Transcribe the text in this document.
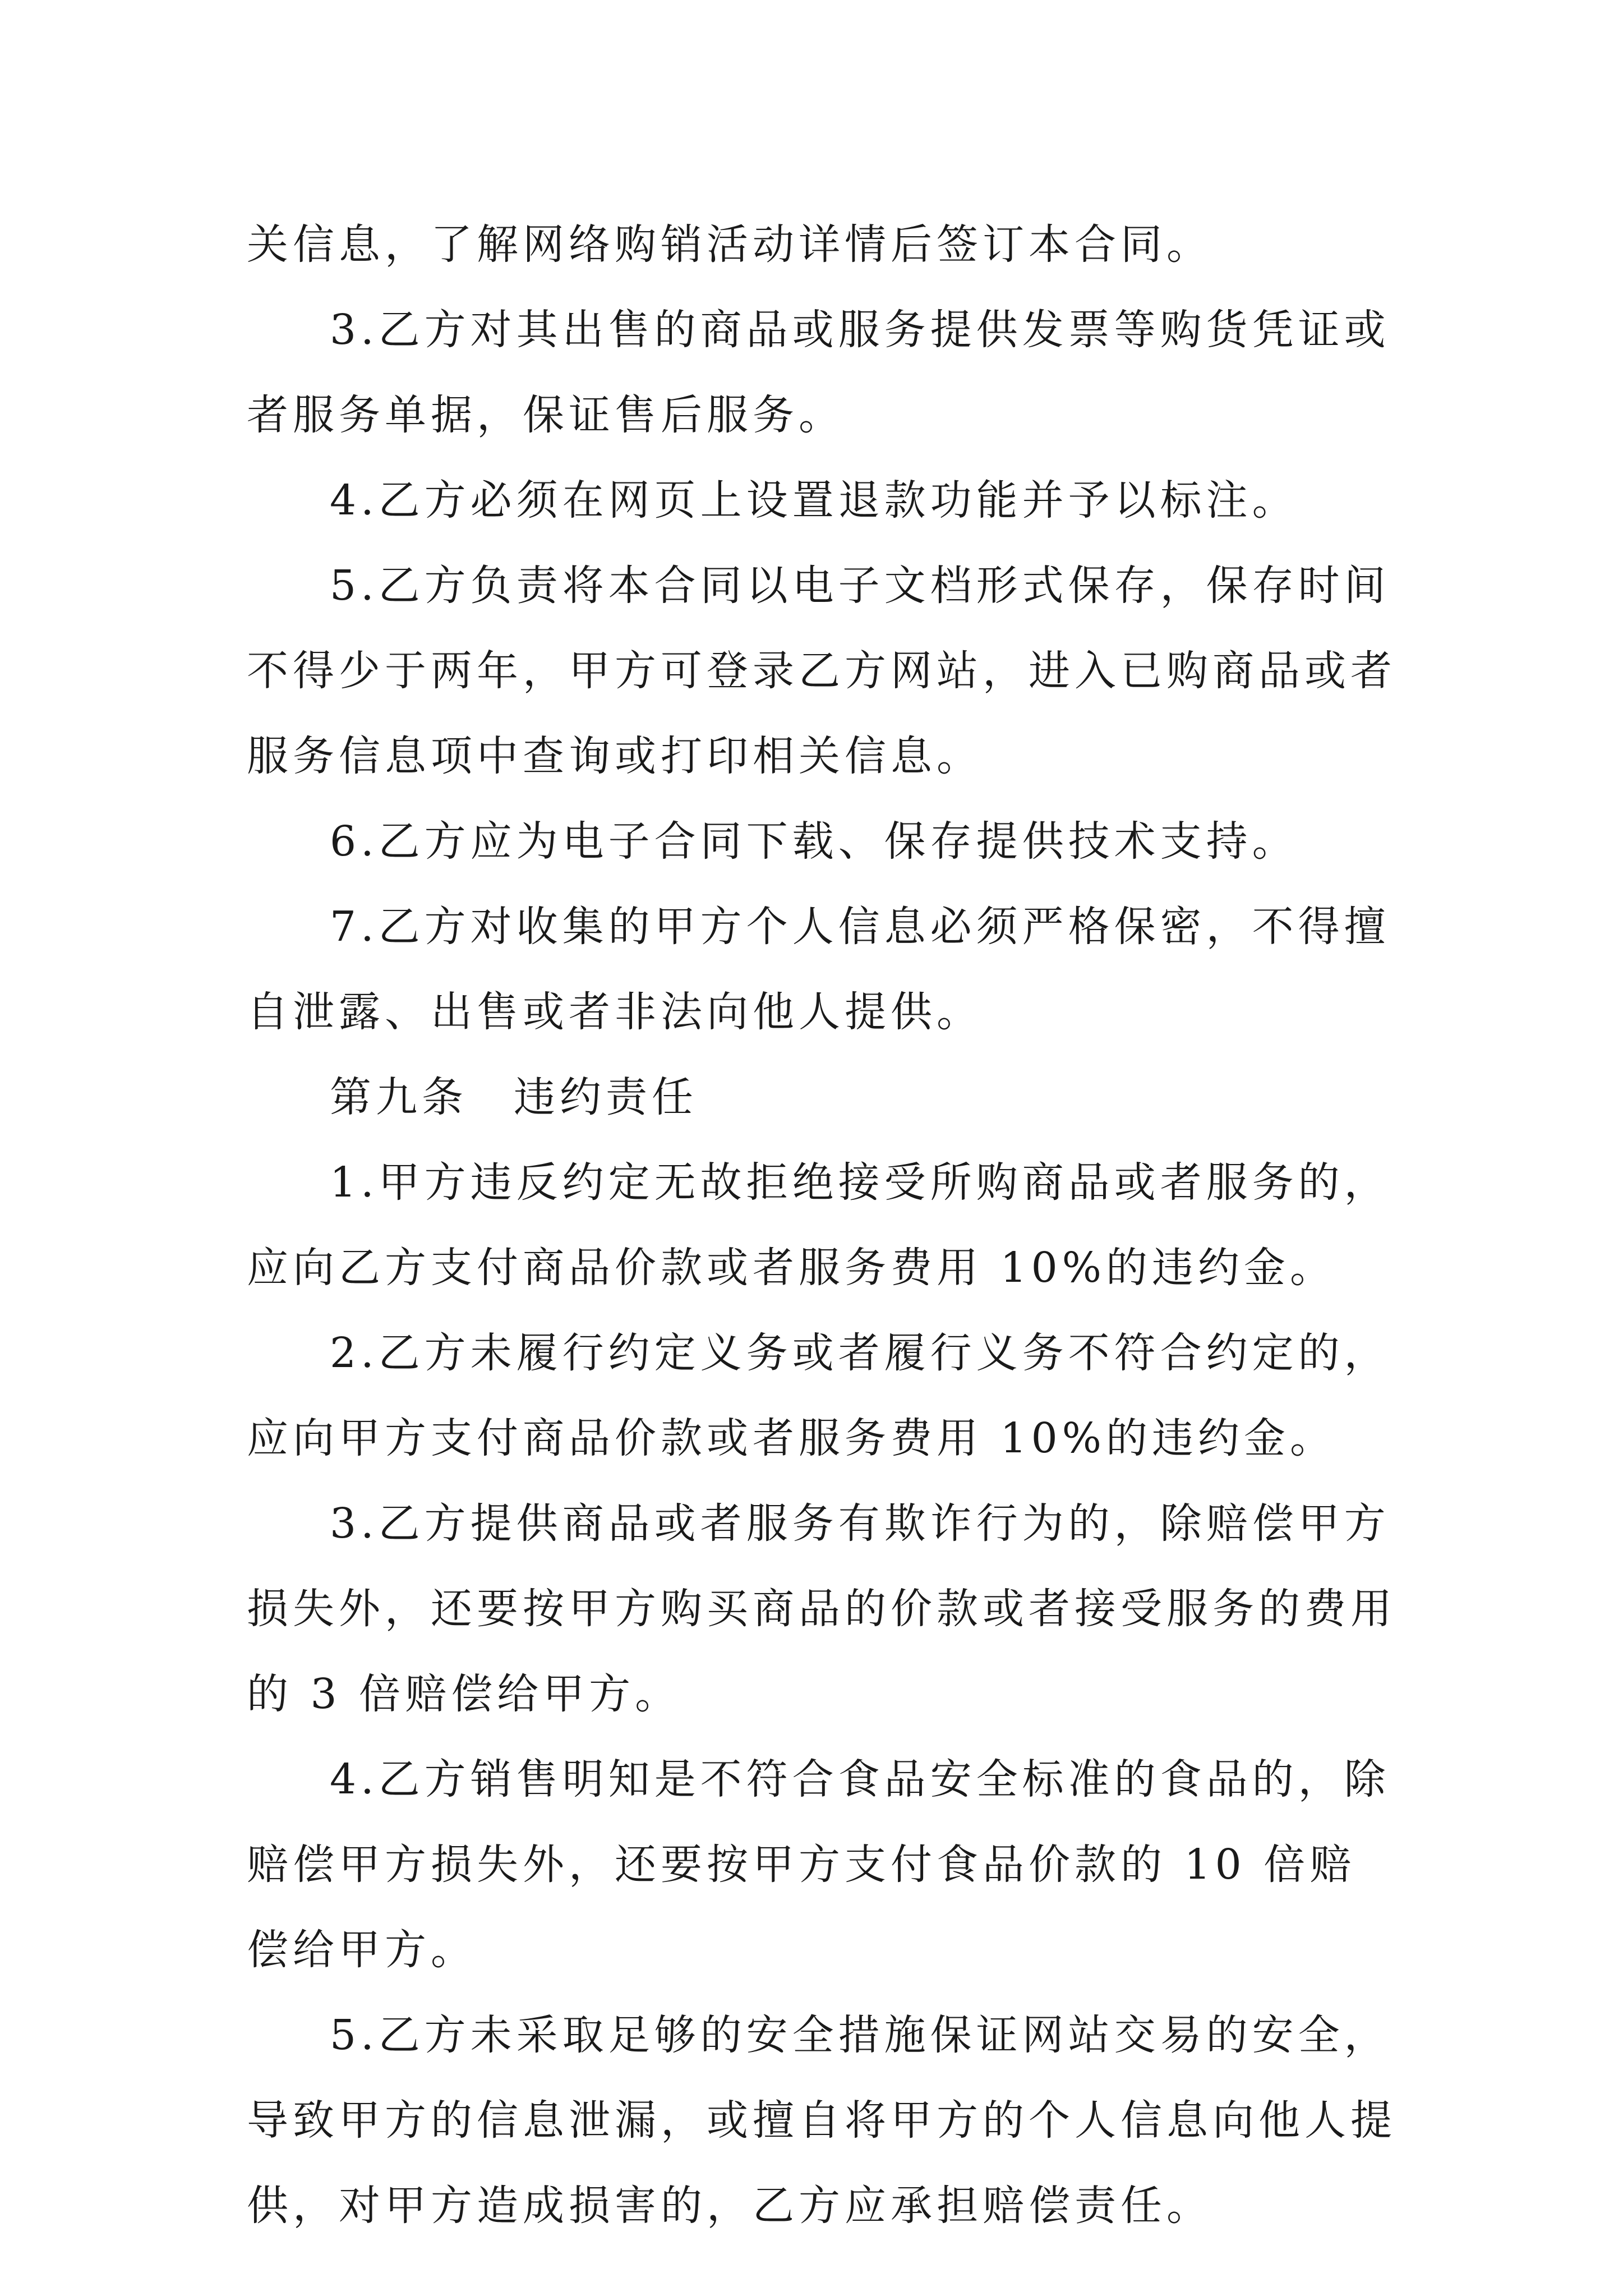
关信息，了解网络购销活动详情后签订本合同。

3.乙方对其出售的商品或服务提供发票等购货凭证或者服务单据，保证售后服务。

4.乙方必须在网页上设置退款功能并予以标注。

5.乙方负责将本合同以电子文档形式保存，保存时间不得少于两年，甲方可登录乙方网站，进入已购商品或者服务信息项中查询或打印相关信息。

6.乙方应为电子合同下载、保存提供技术支持。

7.乙方对收集的甲方个人信息必须严格保密，不得擅自泄露、出售或者非法向他人提供。

第九条　违约责任

1.甲方违反约定无故拒绝接受所购商品或者服务的，应向乙方支付商品价款或者服务费用 10%的违约金。

2.乙方未履行约定义务或者履行义务不符合约定的，应向甲方支付商品价款或者服务费用 10%的违约金。

3.乙方提供商品或者服务有欺诈行为的，除赔偿甲方损失外，还要按甲方购买商品的价款或者接受服务的费用的 3 倍赔偿给甲方。

4.乙方销售明知是不符合食品安全标准的食品的，除赔偿甲方损失外，还要按甲方支付食品价款的 10 倍赔偿给甲方。

5.乙方未采取足够的安全措施保证网站交易的安全，导致甲方的信息泄漏，或擅自将甲方的个人信息向他人提供，对甲方造成损害的，乙方应承担赔偿责任。
